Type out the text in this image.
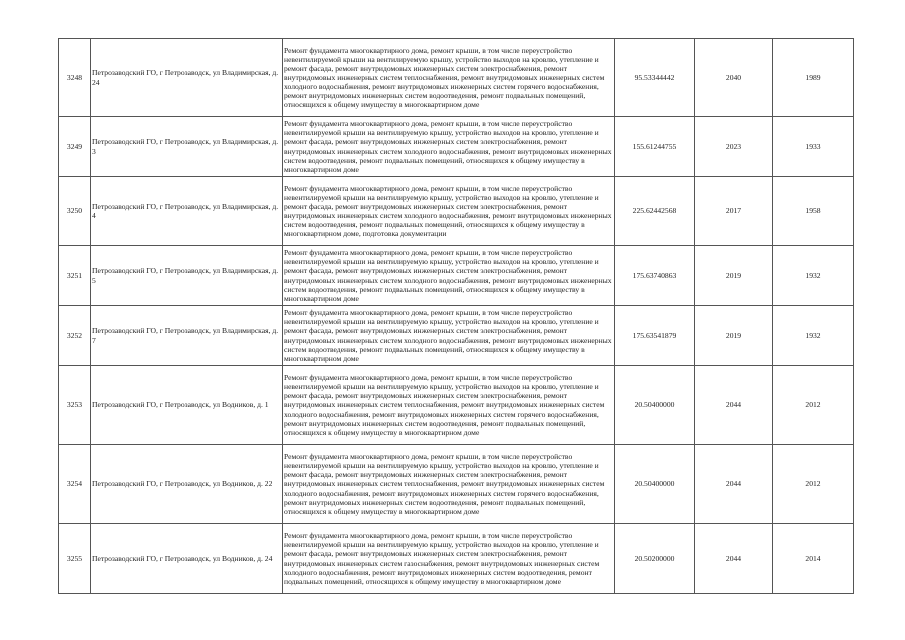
3248	Петрозаводский ГО, г Петрозаводск, ул Владимирская, д. 24	Ремонт фундамента многоквартирного дома, ремонт крыши, в том числе переустройство невентилируемой крыши на вентилируемую крышу, устройство выходов на кровлю, утепление и ремонт фасада, ремонт внутридомовых инженерных систем электроснабжения, ремонт внутридомовых инженерных систем теплоснабжения, ремонт внутридомовых инженерных систем холодного водоснабжения, ремонт внутридомовых инженерных систем горячего водоснабжения, ремонт внутридомовых инженерных систем водоотведения, ремонт подвальных помещений, относящихся к общему имуществу в многоквартирном доме	95.53344442	2040	1989
3249	Петрозаводский ГО, г Петрозаводск, ул Владимирская, д. 3	Ремонт фундамента многоквартирного дома, ремонт крыши, в том числе переустройство невентилируемой крыши на вентилируемую крышу, устройство выходов на кровлю, утепление и ремонт фасада, ремонт внутридомовых инженерных систем электроснабжения, ремонт внутридомовых инженерных систем холодного водоснабжения, ремонт внутридомовых инженерных систем водоотведения, ремонт подвальных помещений, относящихся к общему имуществу в многоквартирном доме	155.61244755	2023	1933
3250	Петрозаводский ГО, г Петрозаводск, ул Владимирская, д. 4	Ремонт фундамента многоквартирного дома, ремонт крыши, в том числе переустройство невентилируемой крыши на вентилируемую крышу, устройство выходов на кровлю, утепление и ремонт фасада, ремонт внутридомовых инженерных систем электроснабжения, ремонт внутридомовых инженерных систем холодного водоснабжения, ремонт внутридомовых инженерных систем водоотведения, ремонт подвальных помещений, относящихся к общему имуществу в многоквартирном доме, подготовка документации	225.62442568	2017	1958
3251	Петрозаводский ГО, г Петрозаводск, ул Владимирская, д. 5	Ремонт фундамента многоквартирного дома, ремонт крыши, в том числе переустройство невентилируемой крыши на вентилируемую крышу, устройство выходов на кровлю, утепление и ремонт фасада, ремонт внутридомовых инженерных систем электроснабжения, ремонт внутридомовых инженерных систем холодного водоснабжения, ремонт внутридомовых инженерных систем водоотведения, ремонт подвальных помещений, относящихся к общему имуществу в многоквартирном доме	175.63740863	2019	1932
3252	Петрозаводский ГО, г Петрозаводск, ул Владимирская, д. 7	Ремонт фундамента многоквартирного дома, ремонт крыши, в том числе переустройство невентилируемой крыши на вентилируемую крышу, устройство выходов на кровлю, утепление и ремонт фасада, ремонт внутридомовых инженерных систем электроснабжения, ремонт внутридомовых инженерных систем холодного водоснабжения, ремонт внутридомовых инженерных систем водоотведения, ремонт подвальных помещений, относящихся к общему имуществу в многоквартирном доме	175.63541879	2019	1932
3253	Петрозаводский ГО, г Петрозаводск, ул Водников, д. 1	Ремонт фундамента многоквартирного дома, ремонт крыши, в том числе переустройство невентилируемой крыши на вентилируемую крышу, устройство выходов на кровлю, утепление и ремонт фасада, ремонт внутридомовых инженерных систем электроснабжения, ремонт внутридомовых инженерных систем теплоснабжения, ремонт внутридомовых инженерных систем холодного водоснабжения, ремонт внутридомовых инженерных систем горячего водоснабжения, ремонт внутридомовых инженерных систем водоотведения, ремонт подвальных помещений, относящихся к общему имуществу в многоквартирном доме	20.50400000	2044	2012
3254	Петрозаводский ГО, г Петрозаводск, ул Водников, д. 22	Ремонт фундамента многоквартирного дома, ремонт крыши, в том числе переустройство невентилируемой крыши на вентилируемую крышу, устройство выходов на кровлю, утепление и ремонт фасада, ремонт внутридомовых инженерных систем электроснабжения, ремонт внутридомовых инженерных систем теплоснабжения, ремонт внутридомовых инженерных систем холодного водоснабжения, ремонт внутридомовых инженерных систем горячего водоснабжения, ремонт внутридомовых инженерных систем водоотведения, ремонт подвальных помещений, относящихся к общему имуществу в многоквартирном доме	20.50400000	2044	2012
3255	Петрозаводский ГО, г Петрозаводск, ул Водников, д. 24	Ремонт фундамента многоквартирного дома, ремонт крыши, в том числе переустройство невентилируемой крыши на вентилируемую крышу, устройство выходов на кровлю, утепление и ремонт фасада, ремонт внутридомовых инженерных систем электроснабжения, ремонт внутридомовых инженерных систем газоснабжения, ремонт внутридомовых инженерных систем холодного водоснабжения, ремонт внутридомовых инженерных систем водоотведения, ремонт подвальных помещений, относящихся к общему имуществу в многоквартирном доме	20.50200000	2044	2014
